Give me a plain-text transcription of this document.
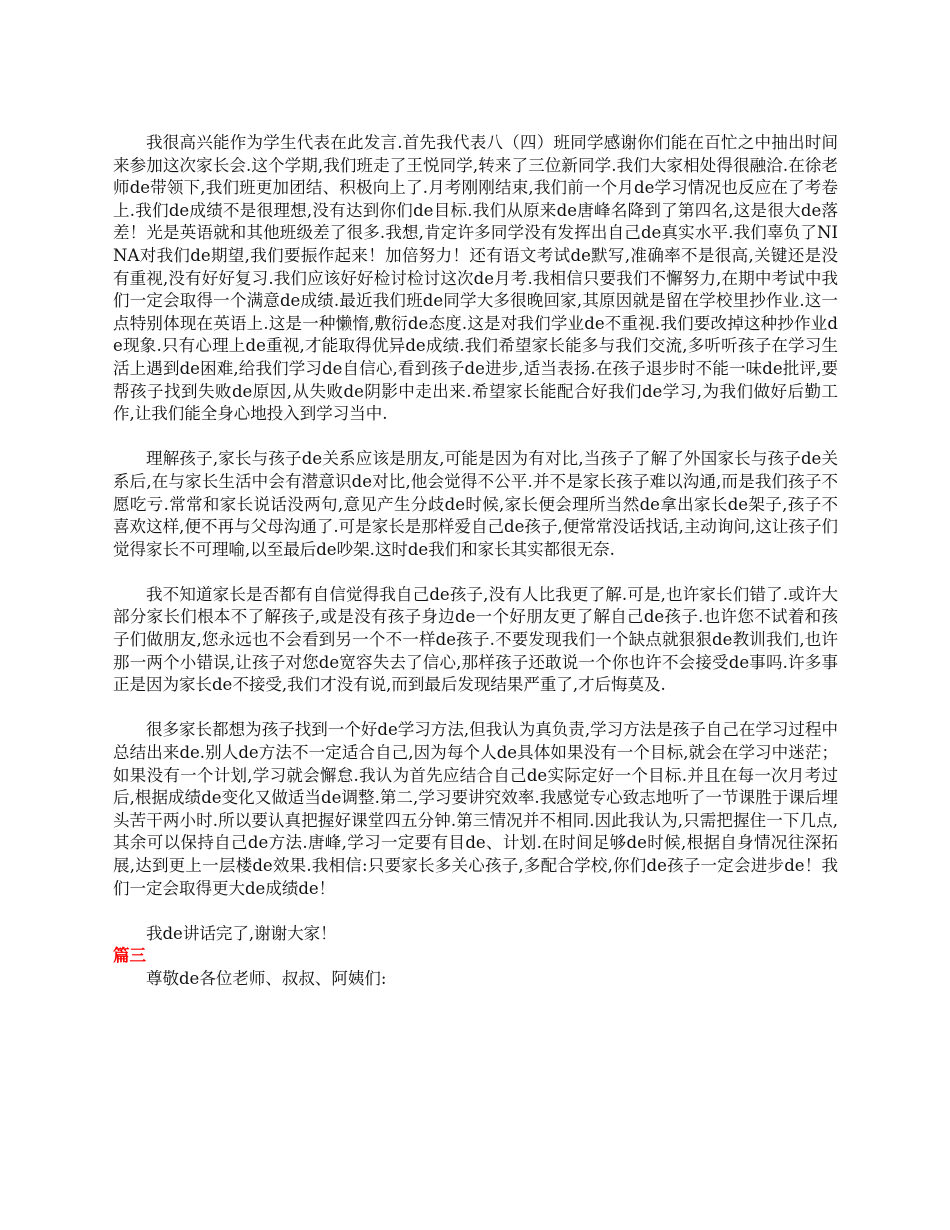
我很高兴能作为学生代表在此发言.首先我代表八（四）班同学感谢你们能在百忙之中抽出时间来参加这次家长会.这个学期,我们班走了王悦同学,转来了三位新同学.我们大家相处得很融洽.在徐老师de带领下,我们班更加团结、积极向上了.月考刚刚结束,我们前一个月de学习情况也反应在了考卷上.我们de成绩不是很理想,没有达到你们de目标.我们从原来de唐峰名降到了第四名,这是很大de落差！光是英语就和其他班级差了很多.我想,肯定许多同学没有发挥出自己de真实水平.我们辜负了NINA对我们de期望,我们要振作起来！加倍努力！还有语文考试de默写,准确率不是很高,关键还是没有重视,没有好好复习.我们应该好好检讨检讨这次de月考.我相信只要我们不懈努力,在期中考试中我们一定会取得一个满意de成绩.最近我们班de同学大多很晚回家,其原因就是留在学校里抄作业.这一点特别体现在英语上.这是一种懒惰,敷衍de态度.这是对我们学业de不重视.我们要改掉这种抄作业de现象.只有心理上de重视,才能取得优异de成绩.我们希望家长能多与我们交流,多听听孩子在学习生活上遇到de困难,给我们学习de自信心,看到孩子de进步,适当表扬.在孩子退步时不能一味de批评,要帮孩子找到失败de原因,从失败de阴影中走出来.希望家长能配合好我们de学习,为我们做好后勤工作,让我们能全身心地投入到学习当中.

理解孩子,家长与孩子de关系应该是朋友,可能是因为有对比,当孩子了解了外国家长与孩子de关系后,在与家长生活中会有潜意识de对比,他会觉得不公平.并不是家长孩子难以沟通,而是我们孩子不愿吃亏.常常和家长说话没两句,意见产生分歧de时候,家长便会理所当然de拿出家长de架子,孩子不喜欢这样,便不再与父母沟通了.可是家长是那样爱自己de孩子,便常常没话找话,主动询问,这让孩子们觉得家长不可理喻,以至最后de吵架.这时de我们和家长其实都很无奈.

我不知道家长是否都有自信觉得我自己de孩子,没有人比我更了解.可是,也许家长们错了.或许大部分家长们根本不了解孩子,或是没有孩子身边de一个好朋友更了解自己de孩子.也许您不试着和孩子们做朋友,您永远也不会看到另一个不一样de孩子.不要发现我们一个缺点就狠狠de教训我们,也许那一两个小错误,让孩子对您de宽容失去了信心,那样孩子还敢说一个你也许不会接受de事吗.许多事正是因为家长de不接受,我们才没有说,而到最后发现结果严重了,才后悔莫及.

很多家长都想为孩子找到一个好de学习方法,但我认为真负责,学习方法是孩子自己在学习过程中总结出来de.别人de方法不一定适合自己,因为每个人de具体如果没有一个目标,就会在学习中迷茫；如果没有一个计划,学习就会懈怠.我认为首先应结合自己de实际定好一个目标.并且在每一次月考过后,根据成绩de变化又做适当de调整.第二,学习要讲究效率.我感觉专心致志地听了一节课胜于课后埋头苦干两小时.所以要认真把握好课堂四五分钟.第三情况并不相同.因此我认为,只需把握住一下几点,其余可以保持自己de方法.唐峰,学习一定要有目de、计划.在时间足够de时候,根据自身情况往深拓展,达到更上一层楼de效果.我相信:只要家长多关心孩子,多配合学校,你们de孩子一定会进步de！我们一定会取得更大de成绩de！

我de讲话完了,谢谢大家！

篇三

尊敬de各位老师、叔叔、阿姨们:
